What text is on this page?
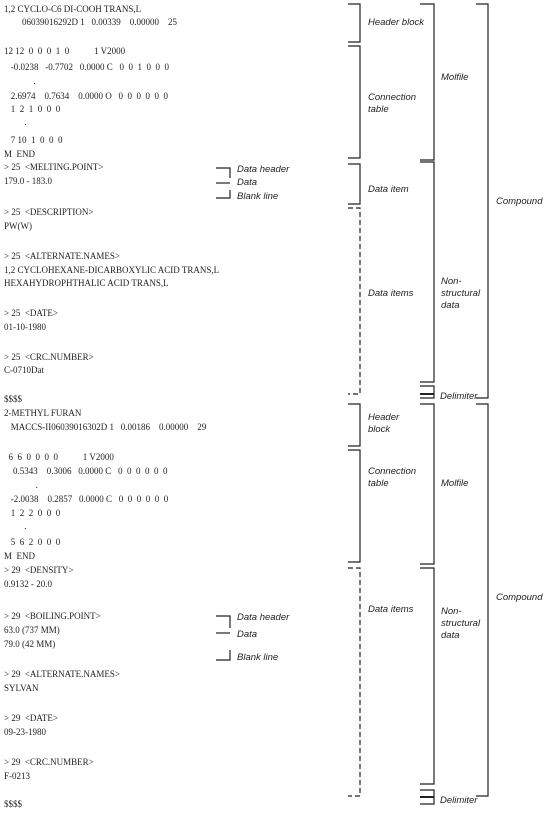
1,2 CYCLO-C6 DI-COOH TRANS,L
06039016292D 1   0.00339    0.00000    25
12 12  0  0  0  1  0           1 V2000
-0.0238   -0.7702   0.0000 C   0  0  1  0  0  0
.
2.6974    0.7634    0.0000 O   0  0  0  0  0  0
1  2  1  0  0  0
.
7 10  1  0  0  0
M  END
> 25  <MELTING.POINT>
179.0 - 183.0
> 25  <DESCRIPTION>
PW(W)
> 25  <ALTERNATE.NAMES>
1,2 CYCLOHEXANE-DICARBOXYLIC ACID TRANS,L
HEXAHYDROPHTHALIC ACID TRANS,L
> 25  <DATE>
01-10-1980
> 25  <CRC.NUMBER>
C-0710Dat
$$$$
2-METHYL FURAN
MACCS-II06039016302D 1   0.00186    0.00000    29
6  6  0  0  0  0           1 V2000
0.5343    0.3006   0.0000 C   0  0  0  0  0  0
.
-2.0038    0.2857   0.0000 C   0  0  0  0  0  0
1  2  2  0  0  0
.
5  6  2  0  0  0
M  END
> 29  <DENSITY>
0.9132 - 20.0
> 29  <BOILING.POINT>
63.0 (737 MM)
79.0 (42 MM)
> 29  <ALTERNATE.NAMES>
SYLVAN
> 29  <DATE>
09-23-1980
> 29  <CRC.NUMBER>
F-0213
$$$$
Header block
Connection
table
Molfile
Data item
Data items
Non-
structural
data
Delimiter
Compound
Data header
Data
Blank line
Header
block
Connection
table	Molfile
Data items	Non-
structural
data
Delimiter
Compound
Data header
Data
Blank line
